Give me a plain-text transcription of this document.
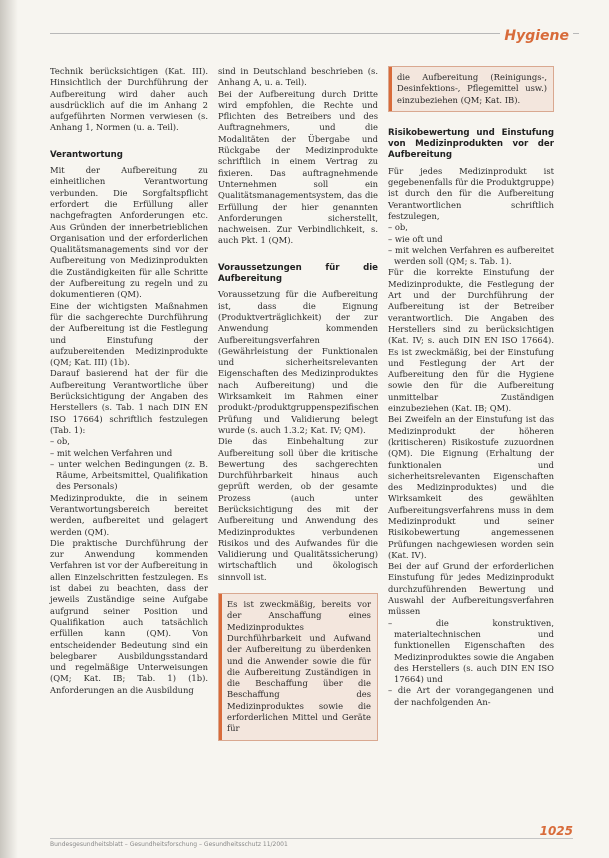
Hygiene

Technik berücksichtigen (Kat. III). Hinsichtlich der Durchführung der Aufbereitung wird daher auch ausdrücklich auf die im Anhang 2 aufgeführten Normen verwiesen (s. Anhang 1, Normen (u. a. Teil).

Verantwortung

Mit der Aufbereitung zu einheitlichen Verantwortung verbunden. Die Sorgfaltspflicht erfordert die Erfüllung aller nachgefragten Anforderungen etc. Aus Gründen der innerbetrieblichen Organisation und der erforderlichen Qualitätsmanagements sind vor der Aufbereitung von Medizinprodukten die Zuständigkeiten für alle Schritte der Aufbereitung zu regeln und zu dokumentieren (QM).

Eine der wichtigsten Maßnahmen für die sachgerechte Durchführung der Aufbereitung ist die Festlegung und Einstufung der aufzubereitenden Medizinprodukte (QM; Kat. III) (1b).

Darauf basierend hat der für die Aufbereitung Verantwortliche über Berücksichtigung der Angaben des Herstellers (s. Tab. 1 nach DIN EN ISO 17664) schriftlich festzulegen (Tab. 1):

– ob,

– mit welchen Verfahren und

– unter welchen Bedingungen (z. B. Räume, Arbeitsmittel, Qualifikation des Personals)

Medizinprodukte, die in seinem Verantwortungsbereich bereitet werden, aufbereitet und gelagert werden (QM).

Die praktische Durchführung der zur Anwendung kommenden Verfahren ist vor der Aufbereitung in allen Einzelschritten festzulegen. Es ist dabei zu beachten, dass der jeweils Zuständige seine Aufgabe aufgrund seiner Position und Qualifikation auch tatsächlich erfüllen kann (QM). Von entscheidender Bedeutung sind ein belegbarer Ausbildungsstandard und regelmäßige Unterweisungen (QM; Kat. IB; Tab. 1) (1b). Anforderungen an die Ausbildung

sind in Deutschland beschrieben (s. Anhang A, u. a. Teil).

Bei der Aufbereitung durch Dritte wird empfohlen, die Rechte und Pflichten des Betreibers und des Auftragnehmers, und die Modalitäten der Übergabe und Rückgabe der Medizinprodukte schriftlich in einem Vertrag zu fixieren. Das auftragnehmende Unternehmen soll ein Qualitätsmanagementsystem, das die Erfüllung der hier genannten Anforderungen sicherstellt, nachweisen. Zur Verbindlichkeit, s. auch Pkt. 1 (QM).

Voraussetzungen für die Aufbereitung

Voraussetzung für die Aufbereitung ist, dass die Eignung (Produktverträglichkeit) der zur Anwendung kommenden Aufbereitungsverfahren (Gewährleistung der Funktionalen und sicherheitsrelevanten Eigenschaften des Medizinproduktes nach Aufbereitung) und die Wirksamkeit im Rahmen einer produkt-/produktgruppenspezifischen Prüfung und Validierung belegt wurde (s. auch 1.3.2; Kat. IV; QM).

Die das Einbehaltung zur Aufbereitung soll über die kritische Bewertung des sachgerechten Durchführbarkeit hinaus auch geprüft werden, ob der gesamte Prozess (auch unter Berücksichtigung des mit der Aufbereitung und Anwendung des Medizinproduktes verbundenen Risikos und des Aufwandes für die Validierung und Qualitätssicherung) wirtschaftlich und ökologisch sinnvoll ist.

Es ist zweckmäßig, bereits vor der Anschaffung eines Medizinproduktes Durchführbarkeit und Aufwand der Aufbereitung zu überdenken und die Anwender sowie die für die Aufbereitung Zuständigen in die Beschaffung über die Beschaffung des Medizinproduktes sowie die erforderlichen Mittel und Geräte für

die Aufbereitung (Reinigungs-, Desinfektions-, Pflegemittel usw.) einzubeziehen (QM; Kat. IB).

Risikobewertung und Einstufung von Medizinprodukten vor der Aufbereitung

Für jedes Medizinprodukt ist gegebenenfalls für die Produktgruppe) ist durch den für die Aufbereitung Verantwortlichen schriftlich festzulegen,

– ob,

– wie oft und

– mit welchen Verfahren es aufbereitet werden soll (QM; s. Tab. 1).

Für die korrekte Einstufung der Medizinprodukte, die Festlegung der Art und der Durchführung der Aufbereitung ist der Betreiber verantwortlich. Die Angaben des Herstellers sind zu berücksichtigen (Kat. IV; s. auch DIN EN ISO 17664). Es ist zweckmäßig, bei der Einstufung und Festlegung der Art der Aufbereitung den für die Hygiene sowie den für die Aufbereitung unmittelbar Zuständigen einzubeziehen (Kat. IB; QM).

Bei Zweifeln an der Einstufung ist das Medizinprodukt der höheren (kritischeren) Risikostufe zuzuordnen (QM). Die Eignung (Erhaltung der funktionalen und sicherheitsrelevanten Eigenschaften des Medizinproduktes) und die Wirksamkeit des gewählten Aufbereitungsverfahrens muss in dem Medizinprodukt und seiner Risikobewertung angemessenen Prüfungen nachgewiesen worden sein (Kat. IV).

Bei der auf Grund der erforderlichen Einstufung für jedes Medizinprodukt durchzuführenden Bewertung und Auswahl der Aufbereitungsverfahren müssen

– die konstruktiven, materialtechnischen und funktionellen Eigenschaften des Medizinproduktes sowie die Angaben des Herstellers (s. auch DIN EN ISO 17664) und

– die Art der vorangegangenen und der nachfolgenden An-

1025
Bundesgesundheitsblatt – Gesundheitsforschung – Gesundheitsschutz 11/2001
